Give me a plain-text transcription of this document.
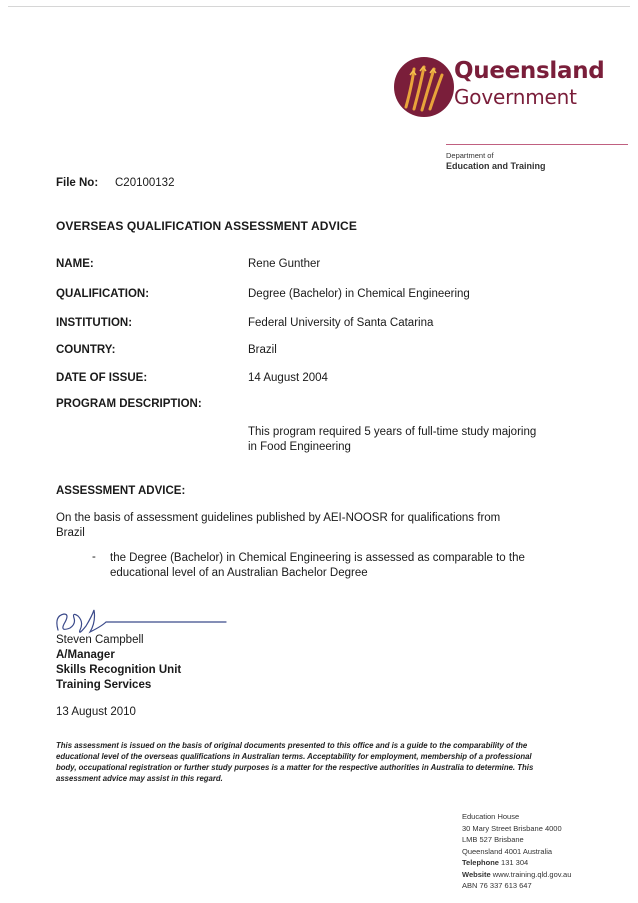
Queensland
Government
Department of
Education and Training
File No: C20100132
OVERSEAS QUALIFICATION ASSESSMENT ADVICE
NAME:	Rene Gunther
QUALIFICATION:	Degree (Bachelor) in Chemical Engineering
INSTITUTION:	Federal University of Santa Catarina
COUNTRY:	Brazil
DATE OF ISSUE:	14 August 2004
PROGRAM DESCRIPTION:
This program required 5 years of full-time study majoring in Food Engineering
ASSESSMENT ADVICE:
On the basis of assessment guidelines published by AEI-NOOSR for qualifications from Brazil
- the Degree (Bachelor) in Chemical Engineering is assessed as comparable to the educational level of an Australian Bachelor Degree
Steven Campbell
A/Manager
Skills Recognition Unit
Training Services
13 August 2010
This assessment is issued on the basis of original documents presented to this office and is a guide to the comparability of the educational level of the overseas qualifications in Australian terms. Acceptability for employment, membership of a professional body, occupational registration or further study purposes is a matter for the respective authorities in Australia to determine. This assessment advice may assist in this regard.
Education House
30 Mary Street Brisbane 4000
LMB 527 Brisbane
Queensland 4001 Australia
Telephone 131 304
Website www.training.qld.gov.au
ABN 76 337 613 647
